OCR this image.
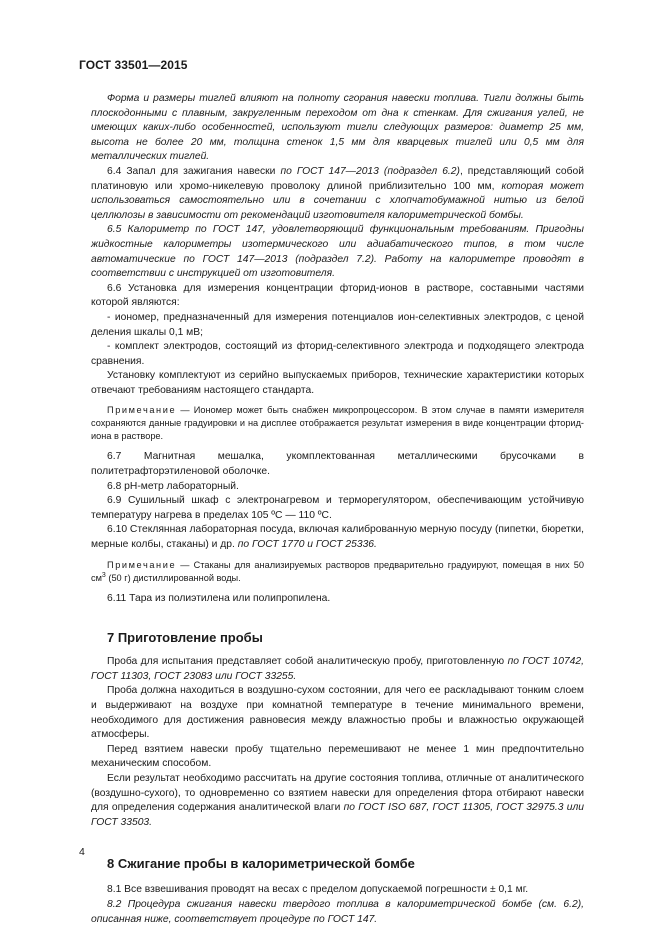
ГОСТ 33501—2015

Форма и размеры тиглей влияют на полноту сгорания навески топлива. Тигли должны быть плоскодонными с плавным, закругленным переходом от дна к стенкам. Для сжигания углей, не имеющих каких-либо особенностей, используют тигли следующих размеров: диаметр 25 мм, высота не более 20 мм, толщина стенок 1,5 мм для кварцевых тиглей или 0,5 мм для металлических тиглей.

6.4 Запал для зажигания навески по ГОСТ 147—2013 (подраздел 6.2), представляющий собой платиновую или хромо-никелевую проволоку длиной приблизительно 100 мм, которая может использоваться самостоятельно или в сочетании с хлопчатобумажной нитью из белой целлюлозы в зависимости от рекомендаций изготовителя калориметрической бомбы.

6.5 Калориметр по ГОСТ 147, удовлетворяющий функциональным требованиям. Пригодны жидкостные калориметры изотермического или адиабатического типов, в том числе автоматические по ГОСТ 147—2013 (подраздел 7.2). Работу на калориметре проводят в соответствии с инструкцией от изготовителя.

6.6 Установка для измерения концентрации фторид-ионов в растворе, составными частями которой являются:

- иономер, предназначенный для измерения потенциалов ион-селективных электродов, с ценой деления шкалы 0,1 мВ;

- комплект электродов, состоящий из фторид-селективного электрода и подходящего электрода сравнения.

Установку комплектуют из серийно выпускаемых приборов, технические характеристики которых отвечают требованиям настоящего стандарта.

Примечание — Иономер может быть снабжен микропроцессором. В этом случае в памяти измерителя сохраняются данные градуировки и на дисплее отображается результат измерения в виде концентрации фторид-иона в растворе.

6.7 Магнитная мешалка, укомплектованная металлическими брусочками в политетрафторэтиленовой оболочке.

6.8 pH-метр лабораторный.

6.9 Сушильный шкаф с электронагревом и терморегулятором, обеспечивающим устойчивую температуру нагрева в пределах 105 ºС — 110 ºС.

6.10 Стеклянная лабораторная посуда, включая калиброванную мерную посуду (пипетки, бюретки, мерные колбы, стаканы) и др. по ГОСТ 1770 и ГОСТ 25336.

Примечание — Стаканы для анализируемых растворов предварительно градуируют, помещая в них 50 $см^3$ (50 г) дистиллированной воды.

6.11 Тара из полиэтилена или полипропилена.

7 Приготовление пробы

Проба для испытания представляет собой аналитическую пробу, приготовленную по ГОСТ 10742, ГОСТ 11303, ГОСТ 23083 или ГОСТ 33255.

Проба должна находиться в воздушно-сухом состоянии, для чего ее раскладывают тонким слоем и выдерживают на воздухе при комнатной температуре в течение минимального времени, необходимого для достижения равновесия между влажностью пробы и влажностью окружающей атмосферы.

Перед взятием навески пробу тщательно перемешивают не менее 1 мин предпочтительно механическим способом.

Если результат необходимо рассчитать на другие состояния топлива, отличные от аналитического (воздушно-сухого), то одновременно со взятием навески для определения фтора отбирают навески для определения содержания аналитической влаги по ГОСТ ISO 687, ГОСТ 11305, ГОСТ 32975.3 или ГОСТ 33503.

8 Сжигание пробы в калориметрической бомбе

8.1 Все взвешивания проводят на весах с пределом допускаемой погрешности ± 0,1 мг.

8.2 Процедура сжигания навески твердого топлива в калориметрической бомбе (см. 6.2), описанная ниже, соответствует процедуре по ГОСТ 147.

4
